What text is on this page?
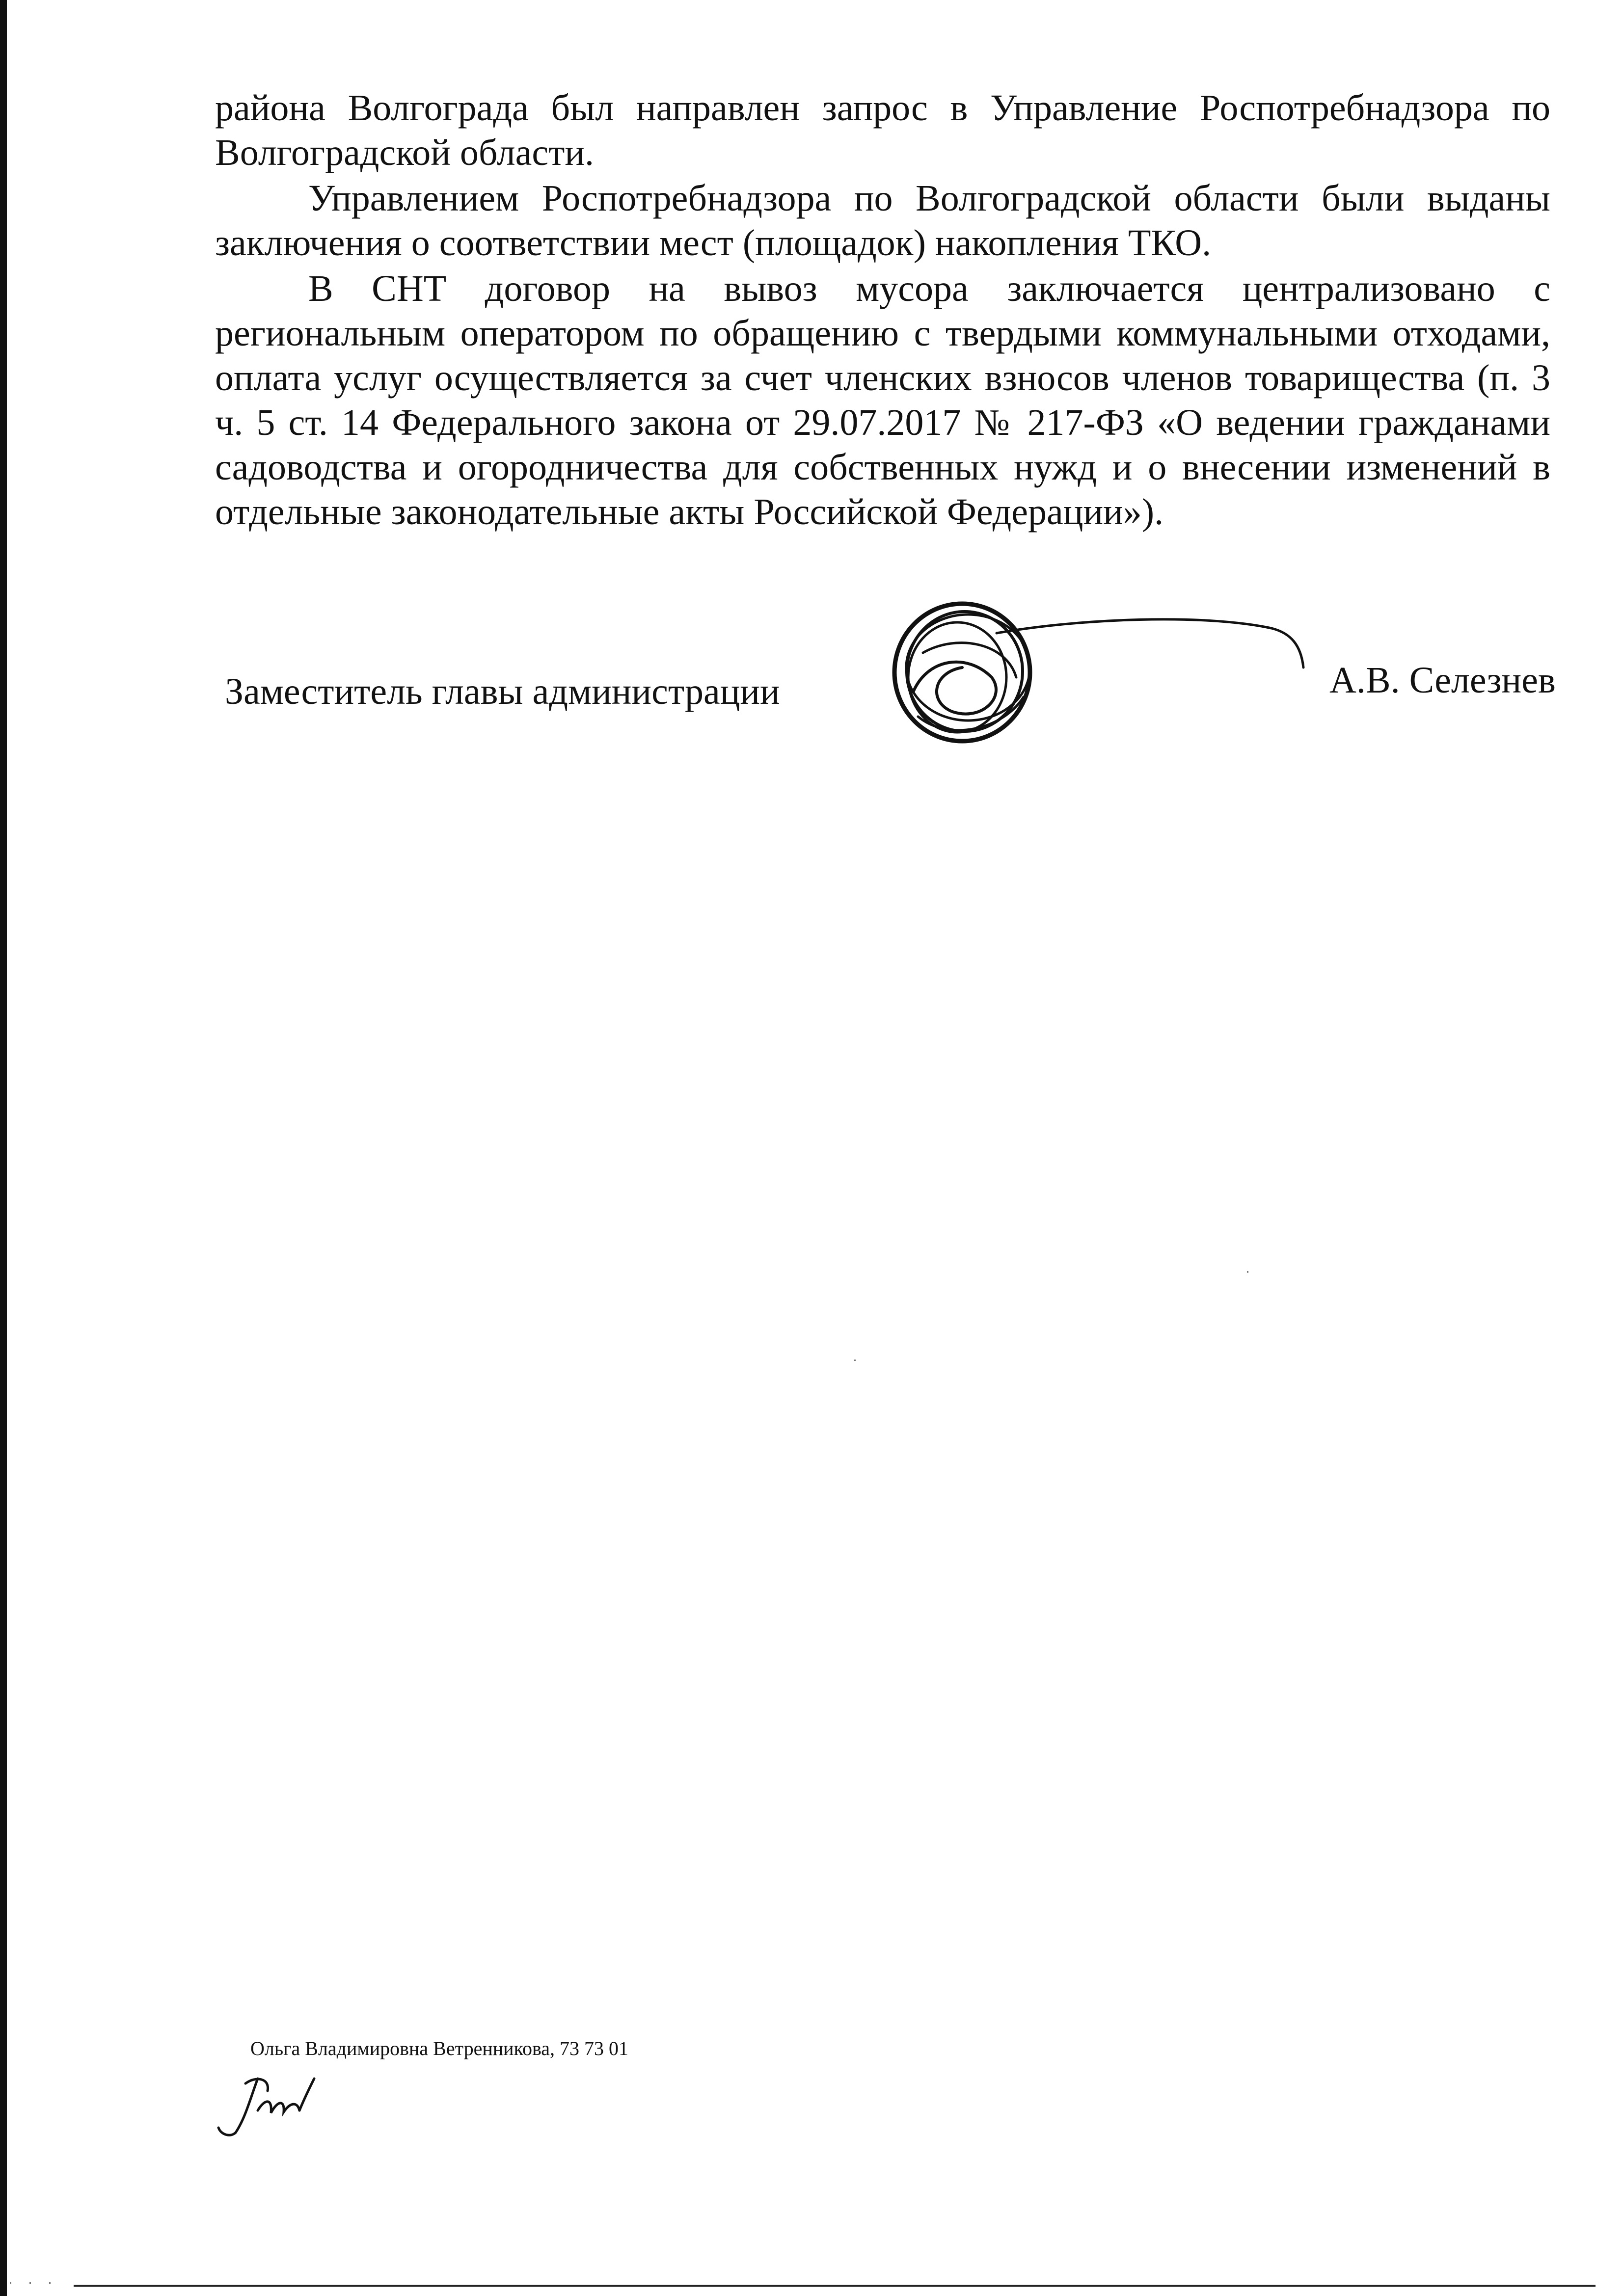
района Волгограда был направлен запрос в Управление Роспотребнадзора по Волгоградской области.

Управлением Роспотребнадзора по Волгоградской области были выданы заключения о соответствии мест (площадок) накопления ТКО.

В СНТ договор на вывоз мусора заключается централизовано с региональным оператором по обращению с твердыми коммунальными отходами, оплата услуг осуществляется за счет членских взносов членов товарищества (п. 3 ч. 5 ст. 14 Федерального закона от 29.07.2017 № 217-ФЗ «О ведении гражданами садоводства и огородничества для собственных нужд и о внесении изменений в отдельные законодательные акты Российской Федерации»).

Заместитель главы администрации	А.В. Селезнев
Ольга Владимировна Ветренникова, 73 73 01
